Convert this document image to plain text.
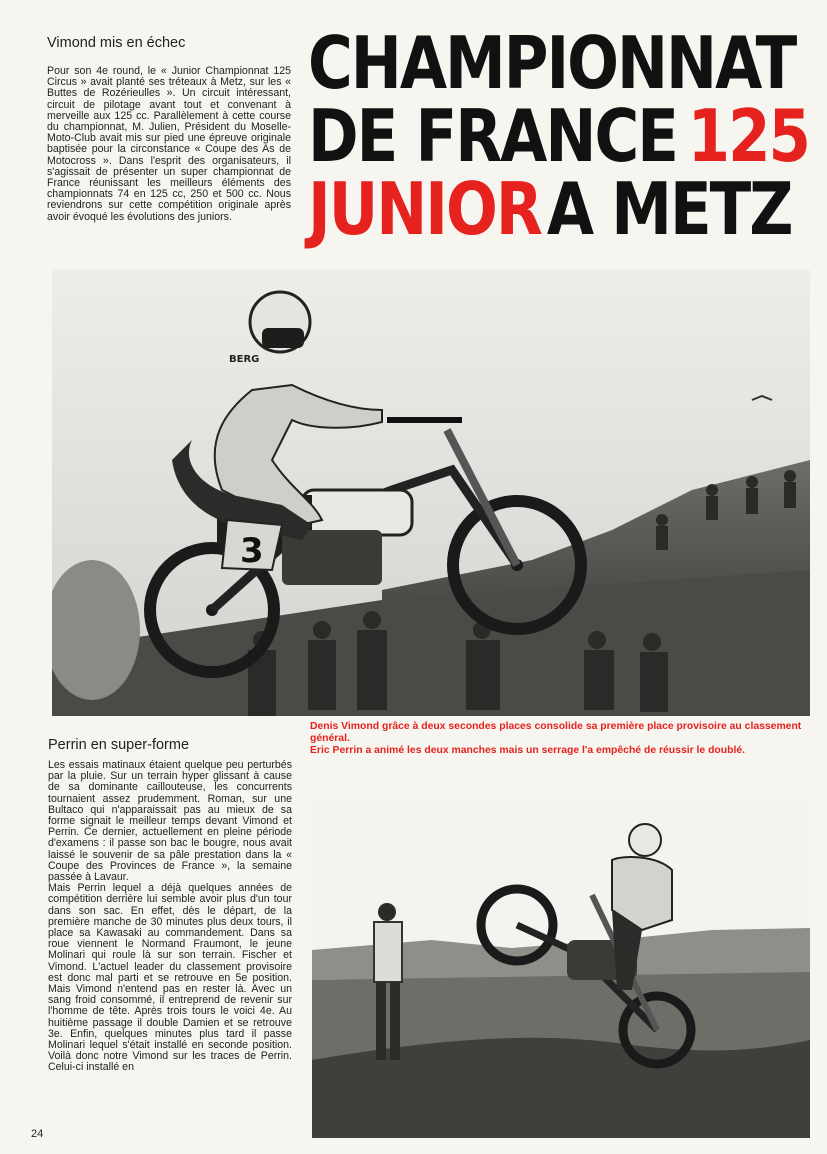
Vimond mis en échec

Pour son 4e round, le « Junior Championnat 125 Circus » avait planté ses tréteaux à Metz, sur les « Buttes de Rozérieulles ». Un circuit intéressant, circuit de pilotage avant tout et convenant à merveille aux 125 cc. Parallèlement à cette course du championnat, M. Julien, Président du Moselle-Moto-Club avait mis sur pied une épreuve originale baptisée pour la circonstance « Coupe des As de Motocross ». Dans l'esprit des organisateurs, il s'agissait de présenter un super championnat de France réunissant les meilleurs éléments des championnats 74 en 125 cc, 250 et 500 cc. Nous reviendrons sur cette compétition originale après avoir évoqué les évolutions des juniors.

CHAMPIONNAT
DE FRANCE 125
JUNIORA METZ
BERG
3

Denis Vimond grâce à deux secondes places consolide sa première place provisoire au classement général.

Eric Perrin a animé les deux manches mais un serrage l'a empêché de réussir le doublé.

Perrin en super-forme

Les essais matinaux étaient quelque peu perturbés par la pluie. Sur un terrain hyper glissant à cause de sa dominante caillouteuse, les concurrents tournaient assez prudemment. Roman, sur une Bultaco qui n'apparaissait pas au mieux de sa forme signait le meilleur temps devant Vimond et Perrin. Ce dernier, actuellement en pleine période d'examens : il passe son bac le bougre, nous avait laissé le souvenir de sa pâle prestation dans la « Coupe des Provinces de France », la semaine passée à Lavaur.

Mais Perrin lequel a déjà quelques années de compétition derrière lui semble avoir plus d'un tour dans son sac. En effet, dès le départ, de la première manche de 30 minutes plus deux tours, il place sa Kawasaki au commandement. Dans sa roue viennent le Normand Fraumont, le jeune Molinari qui roule là sur son terrain. Fischer et Vimond. L'actuel leader du classement provisoire est donc mal parti et se retrouve en 5e position. Mais Vimond n'entend pas en rester là. Avec un sang froid consommé, il entreprend de revenir sur l'homme de tête. Après trois tours le voici 4e. Au huitième passage il double Damien et se retrouve 3e. Enfin, quelques minutes plus tard il passe Molinari lequel s'était installé en seconde position. Voilà donc notre Vimond sur les traces de Perrin. Celui-ci installé en

24
